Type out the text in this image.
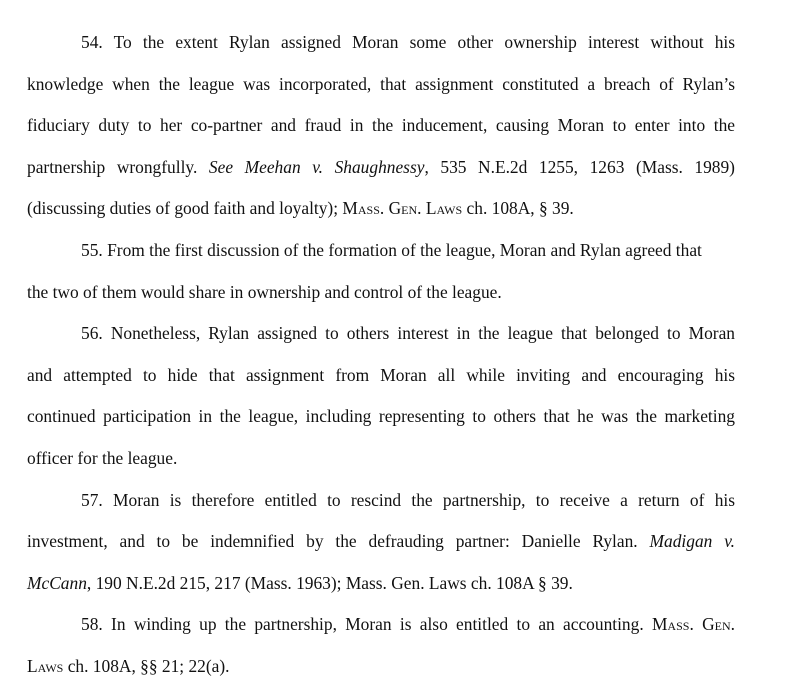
54. To the extent Rylan assigned Moran some other ownership interest without his
knowledge when the league was incorporated, that assignment constituted a breach of Rylan’s
fiduciary duty to her co-partner and fraud in the inducement, causing Moran to enter into the
partnership wrongfully. See Meehan v. Shaughnessy, 535 N.E.2d 1255, 1263 (Mass. 1989)
(discussing duties of good faith and loyalty); Mass. Gen. Laws ch. 108A, § 39.
55. From the first discussion of the formation of the league, Moran and Rylan agreed that
the two of them would share in ownership and control of the league.
56. Nonetheless, Rylan assigned to others interest in the league that belonged to Moran
and attempted to hide that assignment from Moran all while inviting and encouraging his
continued participation in the league, including representing to others that he was the marketing
officer for the league.
57. Moran is therefore entitled to rescind the partnership, to receive a return of his
investment, and to be indemnified by the defrauding partner: Danielle Rylan. Madigan v.
McCann, 190 N.E.2d 215, 217 (Mass. 1963); Mass. Gen. Laws ch. 108A § 39.
58. In winding up the partnership, Moran is also entitled to an accounting. Mass. Gen.
Laws ch. 108A, §§ 21; 22(a).
